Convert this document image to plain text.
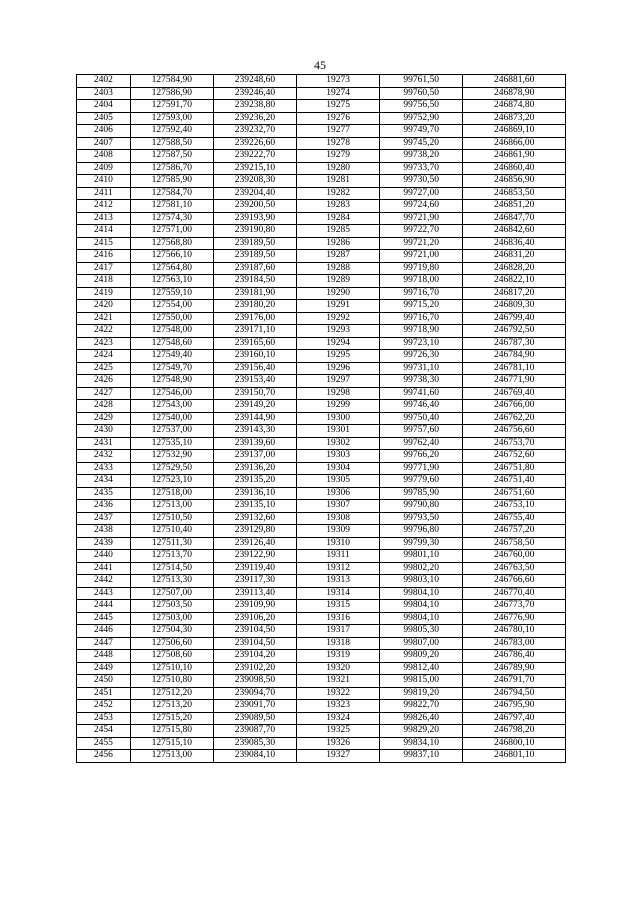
45
2402	127584,90	239248,60	19273	99761,50	246881,60
2403	127586,90	239246,40	19274	99760,50	246878,90
2404	127591,70	239238,80	19275	99756,50	246874,80
2405	127593,00	239236,20	19276	99752,90	246873,20
2406	127592,40	239232,70	19277	99749,70	246869,10
2407	127588,50	239226,60	19278	99745,20	246866,00
2408	127587,50	239222,70	19279	99738,20	246861,90
2409	127586,70	239215,10	19280	99733,70	246860,40
2410	127585,90	239208,30	19281	99730,50	246856,90
2411	127584,70	239204,40	19282	99727,00	246853,50
2412	127581,10	239200,50	19283	99724,60	246851,20
2413	127574,30	239193,90	19284	99721,90	246847,70
2414	127571,00	239190,80	19285	99722,70	246842,60
2415	127568,80	239189,50	19286	99721,20	246836,40
2416	127566,10	239189,50	19287	99721,00	246831,20
2417	127564,80	239187,60	19288	99719,80	246828,20
2418	127563,10	239184,50	19289	99718,00	246822,10
2419	127559,10	239181,90	19290	99716,70	246817,20
2420	127554,00	239180,20	19291	99715,20	246809,30
2421	127550,00	239176,00	19292	99716,70	246799,40
2422	127548,00	239171,10	19293	99718,90	246792,50
2423	127548,60	239165,60	19294	99723,10	246787,30
2424	127549,40	239160,10	19295	99726,30	246784,90
2425	127549,70	239156,40	19296	99731,10	246781,10
2426	127548,90	239153,40	19297	99738,30	246771,90
2427	127546,00	239150,70	19298	99741,60	246769,40
2428	127543,00	239149,20	19299	99746,40	246766,00
2429	127540,00	239144,90	19300	99750,40	246762,20
2430	127537,00	239143,30	19301	99757,60	246756,60
2431	127535,10	239139,60	19302	99762,40	246753,70
2432	127532,90	239137,00	19303	99766,20	246752,60
2433	127529,50	239136,20	19304	99771,90	246751,80
2434	127523,10	239135,20	19305	99779,60	246751,40
2435	127518,00	239136,10	19306	99785,90	246751,60
2436	127513,00	239135,10	19307	99790,80	246753,10
2437	127510,50	239132,60	19308	99793,50	246755,40
2438	127510,40	239129,80	19309	99796,80	246757,20
2439	127511,30	239126,40	19310	99799,30	246758,50
2440	127513,70	239122,90	19311	99801,10	246760,00
2441	127514,50	239119,40	19312	99802,20	246763,50
2442	127513,30	239117,30	19313	99803,10	246766,60
2443	127507,00	239113,40	19314	99804,10	246770,40
2444	127503,50	239109,90	19315	99804,10	246773,70
2445	127503,00	239106,20	19316	99804,10	246776,90
2446	127504,30	239104,50	19317	99805,30	246780,10
2447	127506,60	239104,50	19318	99807,00	246783,00
2448	127508,60	239104,20	19319	99809,20	246786,40
2449	127510,10	239102,20	19320	99812,40	246789,90
2450	127510,80	239098,50	19321	99815,00	246791,70
2451	127512,20	239094,70	19322	99819,20	246794,50
2452	127513,20	239091,70	19323	99822,70	246795,90
2453	127515,20	239089,50	19324	99826,40	246797,40
2454	127515,80	239087,70	19325	99829,20	246798,20
2455	127515,10	239085,30	19326	99834,10	246800,10
2456	127513,00	239084,10	19327	99837,10	246801,10
